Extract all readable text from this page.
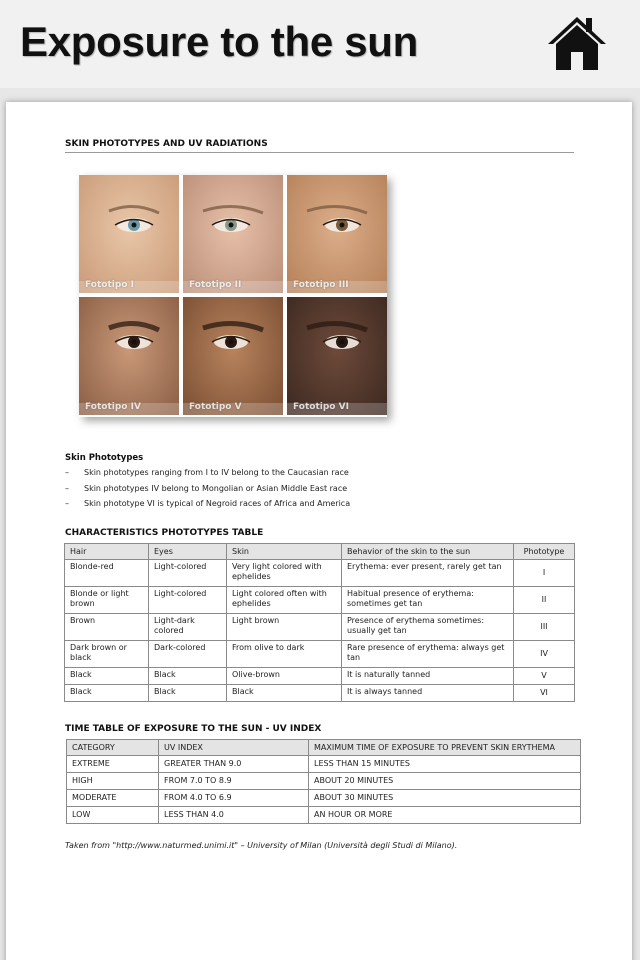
Exposure to the sun
SKIN PHOTOTYPES AND UV RADIATIONS
Fototipo I	Fototipo II	Fototipo III
Fototipo IV	Fototipo V	Fototipo VI
Skin Phototypes
CHARACTERISTICS PHOTOTYPES TABLE
Hair	Eyes	Skin	Behavior of the skin to the sun	Phototype
Blonde-red	Light-colored	Very light colored with ephelides	Erythema: ever present, rarely get tan	I
Blonde or light brown	Light-colored	Light colored often with ephelides	Habitual presence of erythema: sometimes get tan	II
Brown	Light-dark colored	Light brown	Presence of erythema sometimes: usually get tan	III
Dark brown or black	Dark-colored	From olive to dark	Rare presence of erythema: always get tan	IV
Black	Black	Olive-brown	It is naturally tanned	V
Black	Black	Black	It is always tanned	VI
TIME TABLE OF EXPOSURE TO THE SUN - UV INDEX
CATEGORY	UV INDEX	MAXIMUM TIME OF EXPOSURE TO PREVENT SKIN ERYTHEMA
EXTREME	GREATER THAN 9.0	LESS THAN 15 MINUTES
HIGH	FROM 7.0 TO 8.9	ABOUT 20 MINUTES
MODERATE	FROM 4.0 TO 6.9	ABOUT 30 MINUTES
LOW	LESS THAN 4.0	AN HOUR OR MORE
Taken from "http://www.naturmed.unimi.it" – University of Milan (Università degli Studi di Milano).
– Skin phototypes ranging from I to IV belong to the Caucasian race
– Skin phototypes IV belong to Mongolian or Asian Middle East race
– Skin phototype VI is typical of Negroid races of Africa and America
